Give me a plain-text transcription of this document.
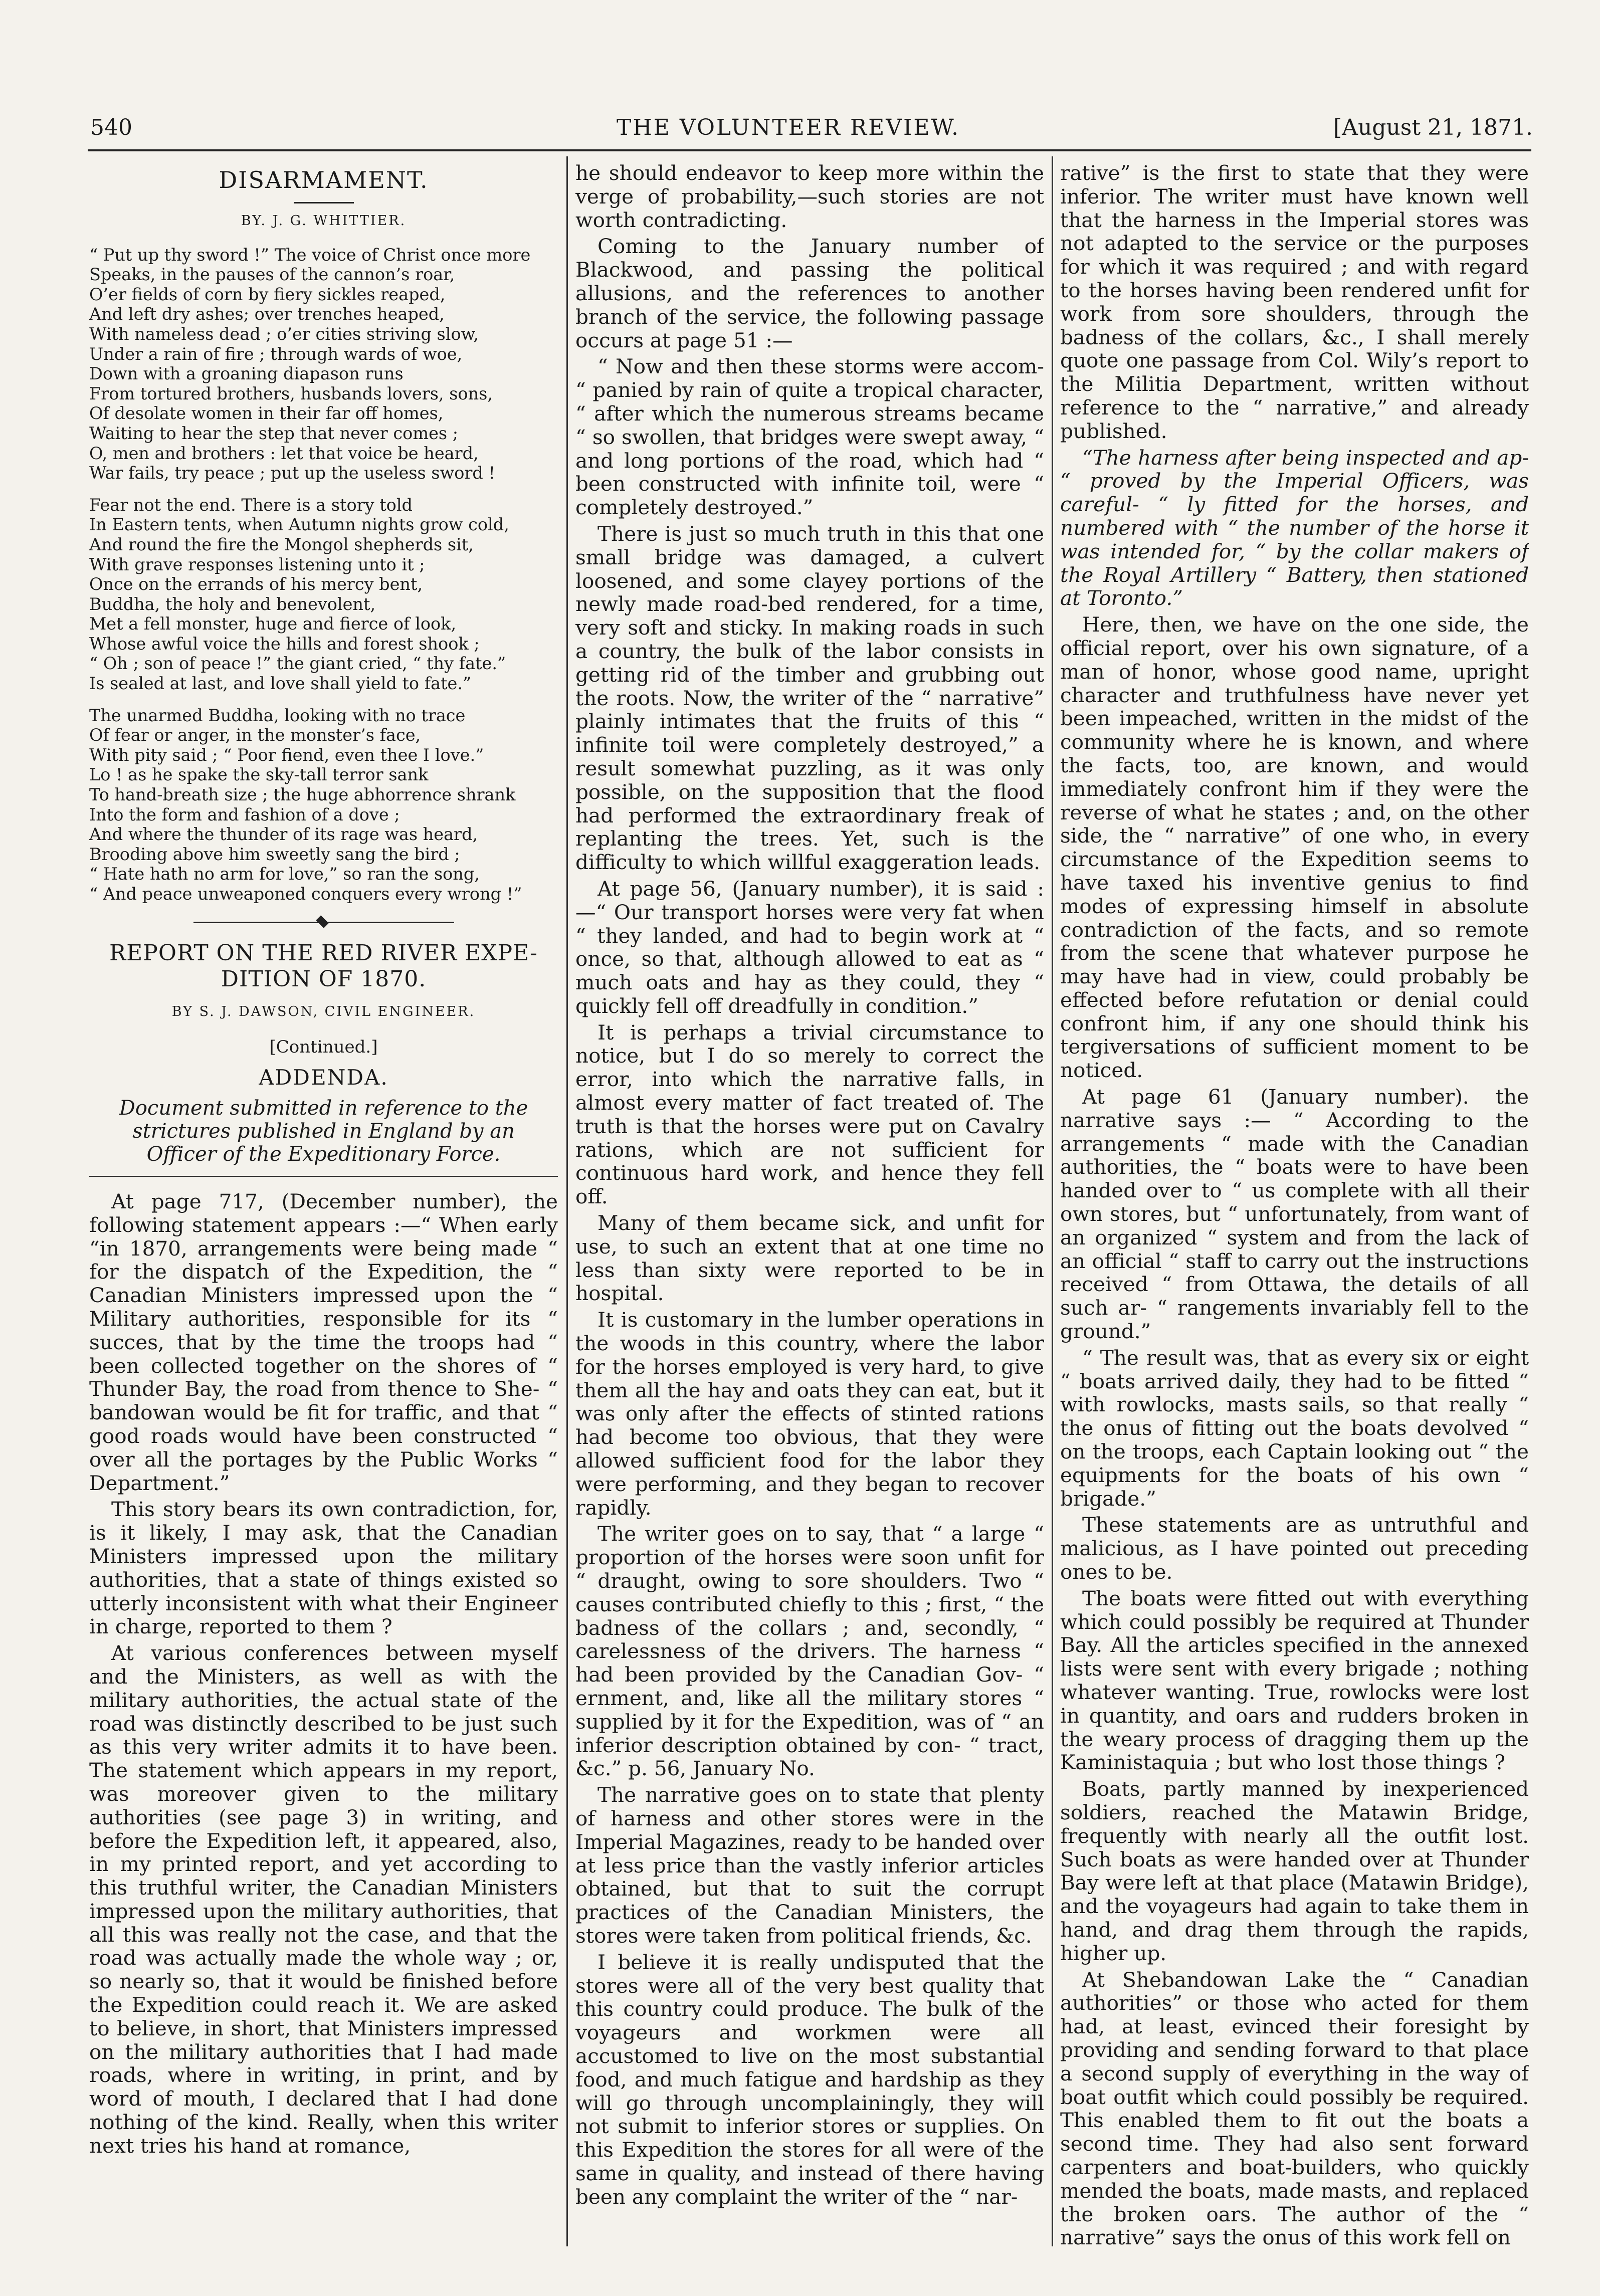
540	THE VOLUNTEER REVIEW.	[August 21, 1871.
DISARMAMENT.
BY. J. G. WHITTIER.
“ Put up thy sword !” The voice of Christ once more
Speaks, in the pauses of the cannon’s roar,
O’er fields of corn by fiery sickles reaped,
And left dry ashes; over trenches heaped,
With nameless dead ; o’er cities striving slow,
Under a rain of fire ; through wards of woe,
Down with a groaning diapason runs
From tortured brothers, husbands lovers, sons,
Of desolate women in their far off homes,
Waiting to hear the step that never comes ;
O, men and brothers : let that voice be heard,
War fails, try peace ; put up the useless sword !
Fear not the end. There is a story told
In Eastern tents, when Autumn nights grow cold,
And round the fire the Mongol shepherds sit,
With grave responses listening unto it ;
Once on the errands of his mercy bent,
Buddha, the holy and benevolent,
Met a fell monster, huge and fierce of look,
Whose awful voice the hills and forest shook ;
“ Oh ; son of peace !” the giant cried, “ thy fate.”
Is sealed at last, and love shall yield to fate.”
The unarmed Buddha, looking with no trace
Of fear or anger, in the monster’s face,
With pity said ; “ Poor fiend, even thee I love.”
Lo ! as he spake the sky-tall terror sank
To hand-breath size ; the huge abhorrence shrank
Into the form and fashion of a dove ;
And where the thunder of its rage was heard,
Brooding above him sweetly sang the bird ;
“ Hate hath no arm for love,” so ran the song,
“ And peace unweaponed conquers every wrong !”
REPORT ON THE RED RIVER EXPE-DITION OF 1870.
BY S. J. DAWSON, CIVIL ENGINEER.
[Continued.]
ADDENDA.
Document submitted in reference to the strictures published in England by an Officer of the Expeditionary Force.

At page 717, (December number), the following statement appears :—“ When early “in 1870, arrangements were being made “ for the dispatch of the Expedition, the “ Canadian Ministers impressed upon the “ Military authorities, responsible for its “ succes, that by the time the troops had “ been collected together on the shores of “ Thunder Bay, the road from thence to She- “ bandowan would be fit for traffic, and that “ good roads would have been constructed “ over all the portages by the Public Works “ Department.”

This story bears its own contradiction, for, is it likely, I may ask, that the Canadian Ministers impressed upon the military authorities, that a state of things existed so utterly inconsistent with what their Engineer in charge, reported to them ?

At various conferences between myself and the Ministers, as well as with the military authorities, the actual state of the road was distinctly described to be just such as this very writer admits it to have been. The statement which appears in my report, was moreover given to the military authorities (see page 3) in writing, and before the Expedition left, it appeared, also, in my printed report, and yet according to this truthful writer, the Canadian Ministers impressed upon the military authorities, that all this was really not the case, and that the road was actually made the whole way ; or, so nearly so, that it would be finished before the Expedition could reach it. We are asked to believe, in short, that Ministers impressed on the military authorities that I had made roads, where in writing, in print, and by word of mouth, I declared that I had done nothing of the kind. Really, when this writer next tries his hand at romance,

he should endeavor to keep more within the verge of probability,—such stories are not worth contradicting.

Coming to the January number of Blackwood, and passing the political allusions, and the references to another branch of the service, the following passage occurs at page 51 :—

“ Now and then these storms were accom- “ panied by rain of quite a tropical character, “ after which the numerous streams became “ so swollen, that bridges were swept away, “ and long portions of the road, which had “ been constructed with infinite toil, were “ completely destroyed.”

There is just so much truth in this that one small bridge was damaged, a culvert loosened, and some clayey portions of the newly made road-bed rendered, for a time, very soft and sticky. In making roads in such a country, the bulk of the labor consists in getting rid of the timber and grubbing out the roots. Now, the writer of the “ narrative” plainly intimates that the fruits of this “ infinite toil were completely destroyed,” a result somewhat puzzling, as it was only possible, on the supposition that the flood had performed the extraordinary freak of replanting the trees. Yet, such is the difficulty to which willful exaggeration leads.

At page 56, (January number), it is said : —“ Our transport horses were very fat when “ they landed, and had to begin work at “ once, so that, although allowed to eat as “ much oats and hay as they could, they “ quickly fell off dreadfully in condition.”

It is perhaps a trivial circumstance to notice, but I do so merely to correct the error, into which the narrative falls, in almost every matter of fact treated of. The truth is that the horses were put on Cavalry rations, which are not sufficient for continuous hard work, and hence they fell off.

Many of them became sick, and unfit for use, to such an extent that at one time no less than sixty were reported to be in hospital.

It is customary in the lumber operations in the woods in this country, where the labor for the horses employed is very hard, to give them all the hay and oats they can eat, but it was only after the effects of stinted rations had become too obvious, that they were allowed sufficient food for the labor they were performing, and they began to recover rapidly.

The writer goes on to say, that “ a large “ proportion of the horses were soon unfit for “ draught, owing to sore shoulders. Two “ causes contributed chiefly to this ; first, “ the badness of the collars ; and, secondly, “ carelessness of the drivers. The harness “ had been provided by the Canadian Gov- “ ernment, and, like all the military stores “ supplied by it for the Expedition, was of “ an inferior description obtained by con- “ tract, &c.” p. 56, January No.

The narrative goes on to state that plenty of harness and other stores were in the Imperial Magazines, ready to be handed over at less price than the vastly inferior articles obtained, but that to suit the corrupt practices of the Canadian Ministers, the stores were taken from political friends, &c.

I believe it is really undisputed that the stores were all of the very best quality that this country could produce. The bulk of the voyageurs and workmen were all accustomed to live on the most substantial food, and much fatigue and hardship as they will go through uncomplainingly, they will not submit to inferior stores or supplies. On this Expedition the stores for all were of the same in quality, and instead of there having been any complaint the writer of the “ nar-

rative” is the first to state that they were inferior. The writer must have known well that the harness in the Imperial stores was not adapted to the service or the purposes for which it was required ; and with regard to the horses having been rendered unfit for work from sore shoulders, through the badness of the collars, &c., I shall merely quote one passage from Col. Wily’s report to the Militia Department, written without reference to the “ narrative,” and already published.

“The harness after being inspected and ap- “ proved by the Imperial Officers, was careful- “ ly fitted for the horses, and numbered with “ the number of the horse it was intended for, “ by the collar makers of the Royal Artillery “ Battery, then stationed at Toronto.”

Here, then, we have on the one side, the official report, over his own signature, of a man of honor, whose good name, upright character and truthfulness have never yet been impeached, written in the midst of the community where he is known, and where the facts, too, are known, and would immediately confront him if they were the reverse of what he states ; and, on the other side, the “ narrative” of one who, in every circumstance of the Expedition seems to have taxed his inventive genius to find modes of expressing himself in absolute contradiction of the facts, and so remote from the scene that whatever purpose he may have had in view, could probably be effected before refutation or denial could confront him, if any one should think his tergiversations of sufficient moment to be noticed.

At page 61 (January number). the narrative says :— “ According to the arrangements “ made with the Canadian authorities, the “ boats were to have been handed over to “ us complete with all their own stores, but “ unfortunately, from want of an organized “ system and from the lack of an official “ staff to carry out the instructions received “ from Ottawa, the details of all such ar- “ rangements invariably fell to the ground.”

“ The result was, that as every six or eight “ boats arrived daily, they had to be fitted “ with rowlocks, masts sails, so that really “ the onus of fitting out the boats devolved “ on the troops, each Captain looking out “ the equipments for the boats of his own “ brigade.”

These statements are as untruthful and malicious, as I have pointed out preceding ones to be.

The boats were fitted out with everything which could possibly be required at Thunder Bay. All the articles specified in the annexed lists were sent with every brigade ; nothing whatever wanting. True, rowlocks were lost in quantity, and oars and rudders broken in the weary process of dragging them up the Kaministaquia ; but who lost those things ?

Boats, partly manned by inexperienced soldiers, reached the Matawin Bridge, frequently with nearly all the outfit lost. Such boats as were handed over at Thunder Bay were left at that place (Matawin Bridge), and the voyageurs had again to take them in hand, and drag them through the rapids, higher up.

At Shebandowan Lake the “ Canadian authorities” or those who acted for them had, at least, evinced their foresight by providing and sending forward to that place a second supply of everything in the way of boat outfit which could possibly be required. This enabled them to fit out the boats a second time. They had also sent forward carpenters and boat-builders, who quickly mended the boats, made masts, and replaced the broken oars. The author of the “ narrative” says the onus of this work fell on
